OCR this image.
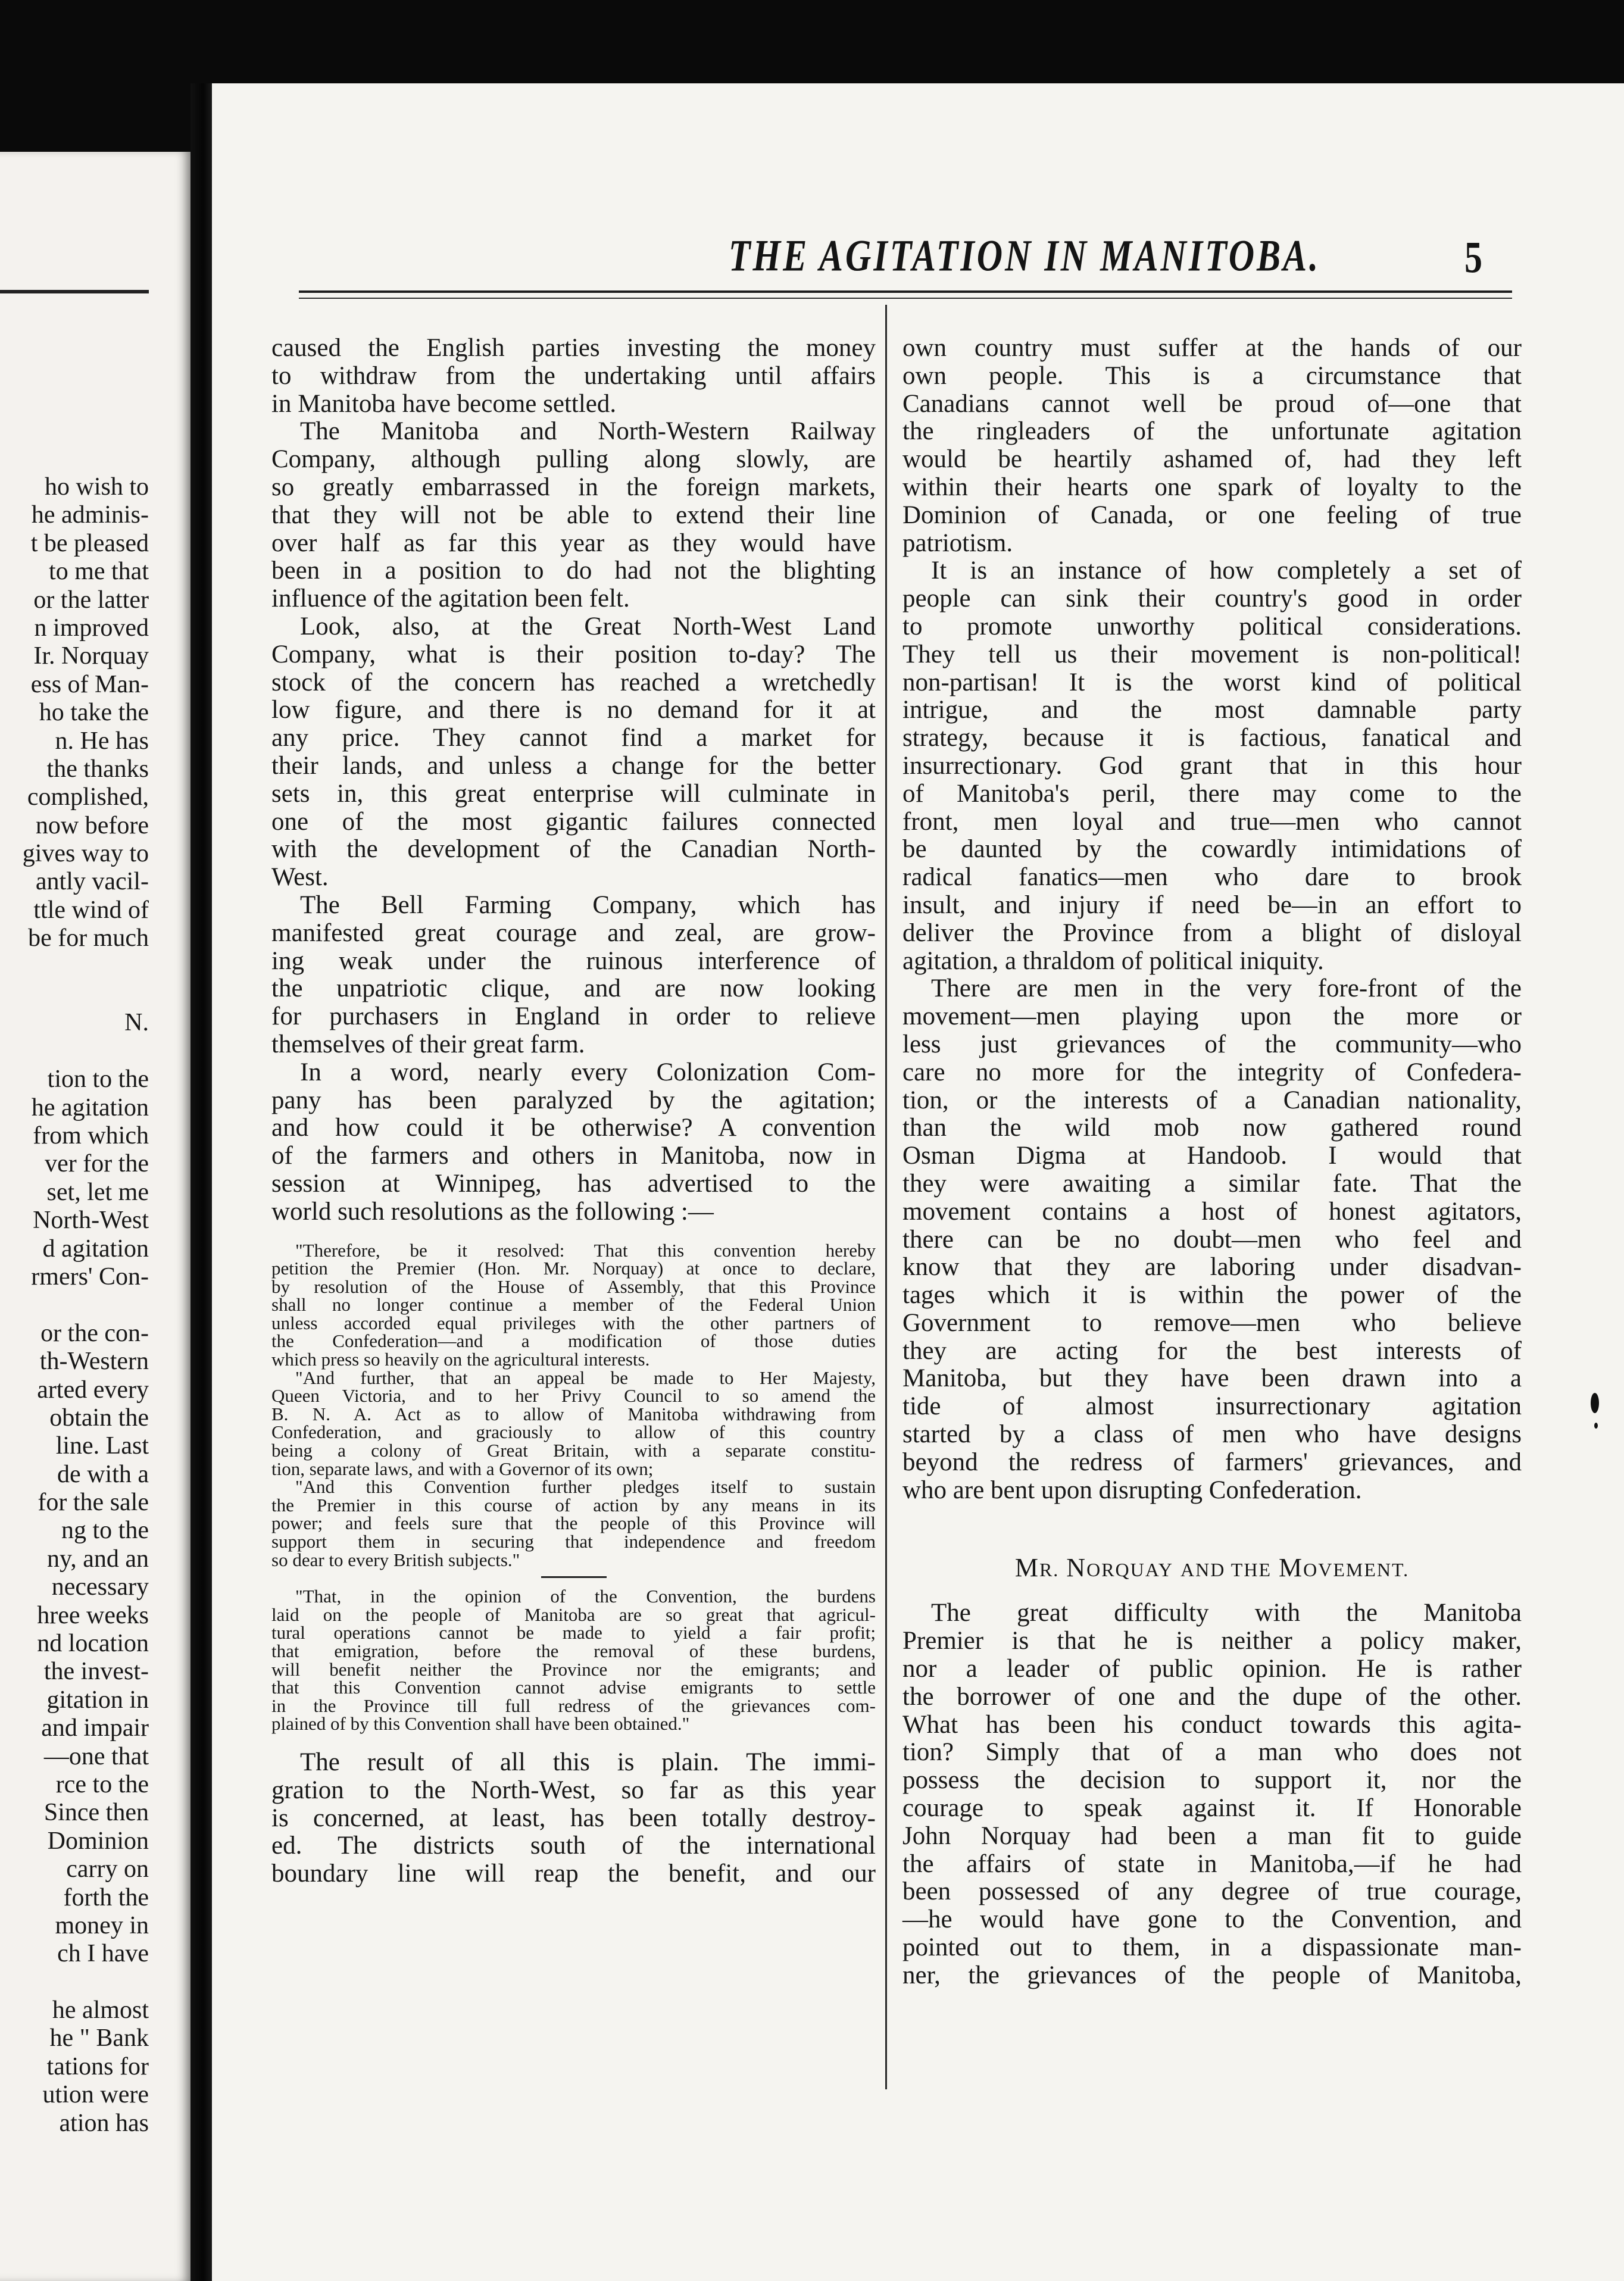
ho wish to
he adminis-
t be pleased
to me that
or the latter
n improved
Ir. Norquay
ess of Man-
ho take the
n. He has
the thanks
complished,
now before
gives way to
antly vacil-
ttle wind of
be for much
N.
tion to the
he agitation
from which
ver for the
set, let me
North-West
d agitation
rmers' Con-
or the con-
th-Western
arted every
obtain the
line. Last
de with a
for the sale
ng to the
ny, and an
necessary
hree weeks
nd location
the invest-
gitation in
and impair
—one that
rce to the
Since then
Dominion
carry on
forth the
money in
ch I have
he almost
he " Bank
tations for
ution were
ation has
THE AGITATION IN MANITOBA.	5
caused the English parties investing the money
to withdraw from the undertaking until affairs
in Manitoba have become settled.
The Manitoba and North-Western Railway
Company, although pulling along slowly, are
so greatly embarrassed in the foreign markets,
that they will not be able to extend their line
over half as far this year as they would have
been in a position to do had not the blighting
influence of the agitation been felt.
Look, also, at the Great North-West Land
Company, what is their position to-day? The
stock of the concern has reached a wretchedly
low figure, and there is no demand for it at
any price. They cannot find a market for
their lands, and unless a change for the better
sets in, this great enterprise will culminate in
one of the most gigantic failures connected
with the development of the Canadian North-
West.
The Bell Farming Company, which has
manifested great courage and zeal, are grow-
ing weak under the ruinous interference of
the unpatriotic clique, and are now looking
for purchasers in England in order to relieve
themselves of their great farm.
In a word, nearly every Colonization Com-
pany has been paralyzed by the agitation;
and how could it be otherwise? A convention
of the farmers and others in Manitoba, now in
session at Winnipeg, has advertised to the
world such resolutions as the following :—
"Therefore, be it resolved: That this convention hereby
petition the Premier (Hon. Mr. Norquay) at once to declare,
by resolution of the House of Assembly, that this Province
shall no longer continue a member of the Federal Union
unless accorded equal privileges with the other partners of
the Confederation—and a modification of those duties
which press so heavily on the agricultural interests.
"And further, that an appeal be made to Her Majesty,
Queen Victoria, and to her Privy Council to so amend the
B. N. A. Act as to allow of Manitoba withdrawing from
Confederation, and graciously to allow of this country
being a colony of Great Britain, with a separate constitu-
tion, separate laws, and with a Governor of its own;
"And this Convention further pledges itself to sustain
the Premier in this course of action by any means in its
power; and feels sure that the people of this Province will
support them in securing that independence and freedom
so dear to every British subjects."
"That, in the opinion of the Convention, the burdens
laid on the people of Manitoba are so great that agricul-
tural operations cannot be made to yield a fair profit;
that emigration, before the removal of these burdens,
will benefit neither the Province nor the emigrants; and
that this Convention cannot advise emigrants to settle
in the Province till full redress of the grievances com-
plained of by this Convention shall have been obtained."
The result of all this is plain. The immi-
gration to the North-West, so far as this year
is concerned, at least, has been totally destroy-
ed. The districts south of the international
boundary line will reap the benefit, and our
own country must suffer at the hands of our
own people. This is a circumstance that
Canadians cannot well be proud of—one that
the ringleaders of the unfortunate agitation
would be heartily ashamed of, had they left
within their hearts one spark of loyalty to the
Dominion of Canada, or one feeling of true
patriotism.
It is an instance of how completely a set of
people can sink their country's good in order
to promote unworthy political considerations.
They tell us their movement is non-political!
non-partisan! It is the worst kind of political
intrigue, and the most damnable party
strategy, because it is factious, fanatical and
insurrectionary. God grant that in this hour
of Manitoba's peril, there may come to the
front, men loyal and true—men who cannot
be daunted by the cowardly intimidations of
radical fanatics—men who dare to brook
insult, and injury if need be—in an effort to
deliver the Province from a blight of disloyal
agitation, a thraldom of political iniquity.
There are men in the very fore-front of the
movement—men playing upon the more or
less just grievances of the community—who
care no more for the integrity of Confedera-
tion, or the interests of a Canadian nationality,
than the wild mob now gathered round
Osman Digma at Handoob. I would that
they were awaiting a similar fate. That the
movement contains a host of honest agitators,
there can be no doubt—men who feel and
know that they are laboring under disadvan-
tages which it is within the power of the
Government to remove—men who believe
they are acting for the best interests of
Manitoba, but they have been drawn into a
tide of almost insurrectionary agitation
started by a class of men who have designs
beyond the redress of farmers' grievances, and
who are bent upon disrupting Confederation.
MR. NORQUAY AND THE MOVEMENT.
The great difficulty with the Manitoba
Premier is that he is neither a policy maker,
nor a leader of public opinion. He is rather
the borrower of one and the dupe of the other.
What has been his conduct towards this agita-
tion? Simply that of a man who does not
possess the decision to support it, nor the
courage to speak against it. If Honorable
John Norquay had been a man fit to guide
the affairs of state in Manitoba,—if he had
been possessed of any degree of true courage,
—he would have gone to the Convention, and
pointed out to them, in a dispassionate man-
ner, the grievances of the people of Manitoba,
